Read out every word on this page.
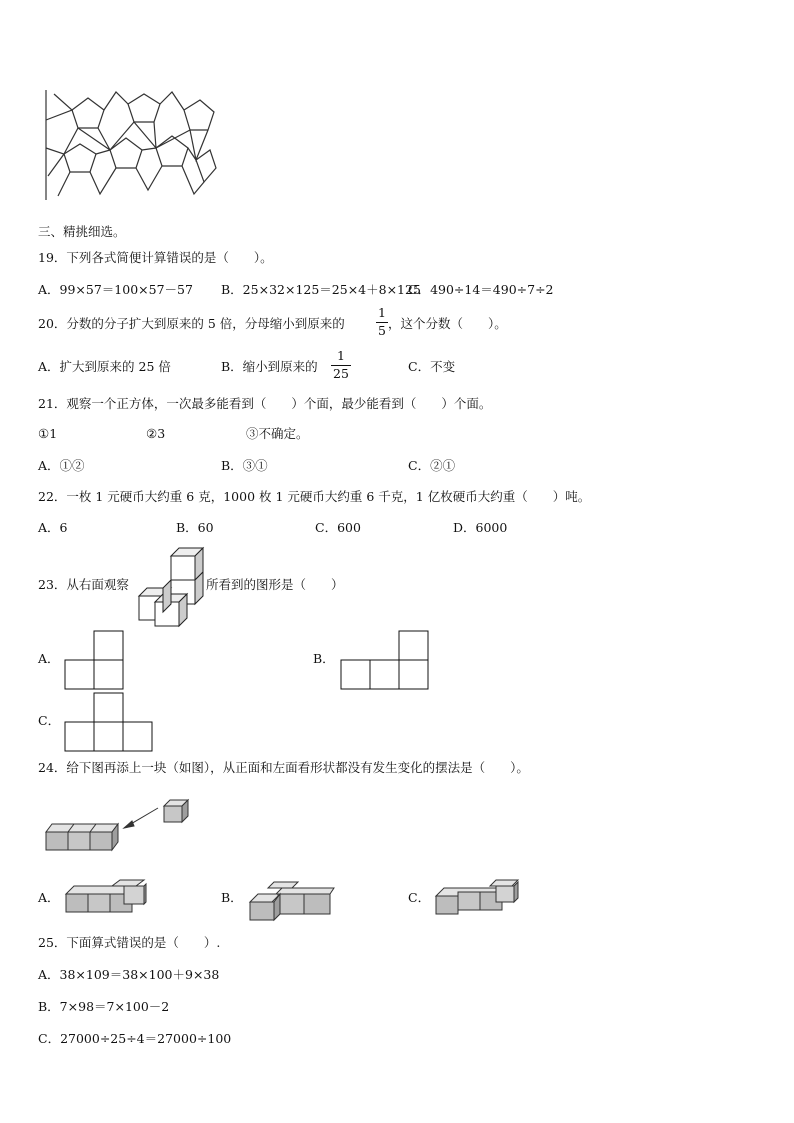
三、精挑细选。
19．下列各式简便计算错误的是（　　）。
A．99×57＝100×57－57 B．25×32×125＝25×4＋8×125
C．490÷14＝490÷7÷2
20．分数的分子扩大到原来的 5 倍，分母缩小到原来的
1
5 ，这个分数（　　）。
A．扩大到原来的 25 倍	B．缩小到原来的
1
25	C．不变
21．观察一个正方体，一次最多能看到（　　）个面，最少能看到（　　）个面。
①1	②3	③不确定。
A．①②	B．③①	C．②①
22．一枚 1 元硬币大约重 6 克，1000 枚 1 元硬币大约重 6 千克，1 亿枚硬币大约重（　　）吨。
A．6	B．60	C．600	D．6000
23．从右面观察	所看到的图形是（　　）
A．	B．
C．
24．给下图再添上一块（如图），从正面和左面看形状都没有发生变化的摆法是（　　）。
A．	B．	C．
25．下面算式错误的是（　　）.
A．38×109＝38×100＋9×38
B．7×98＝7×100－2
C．27000÷25÷4＝27000÷100
